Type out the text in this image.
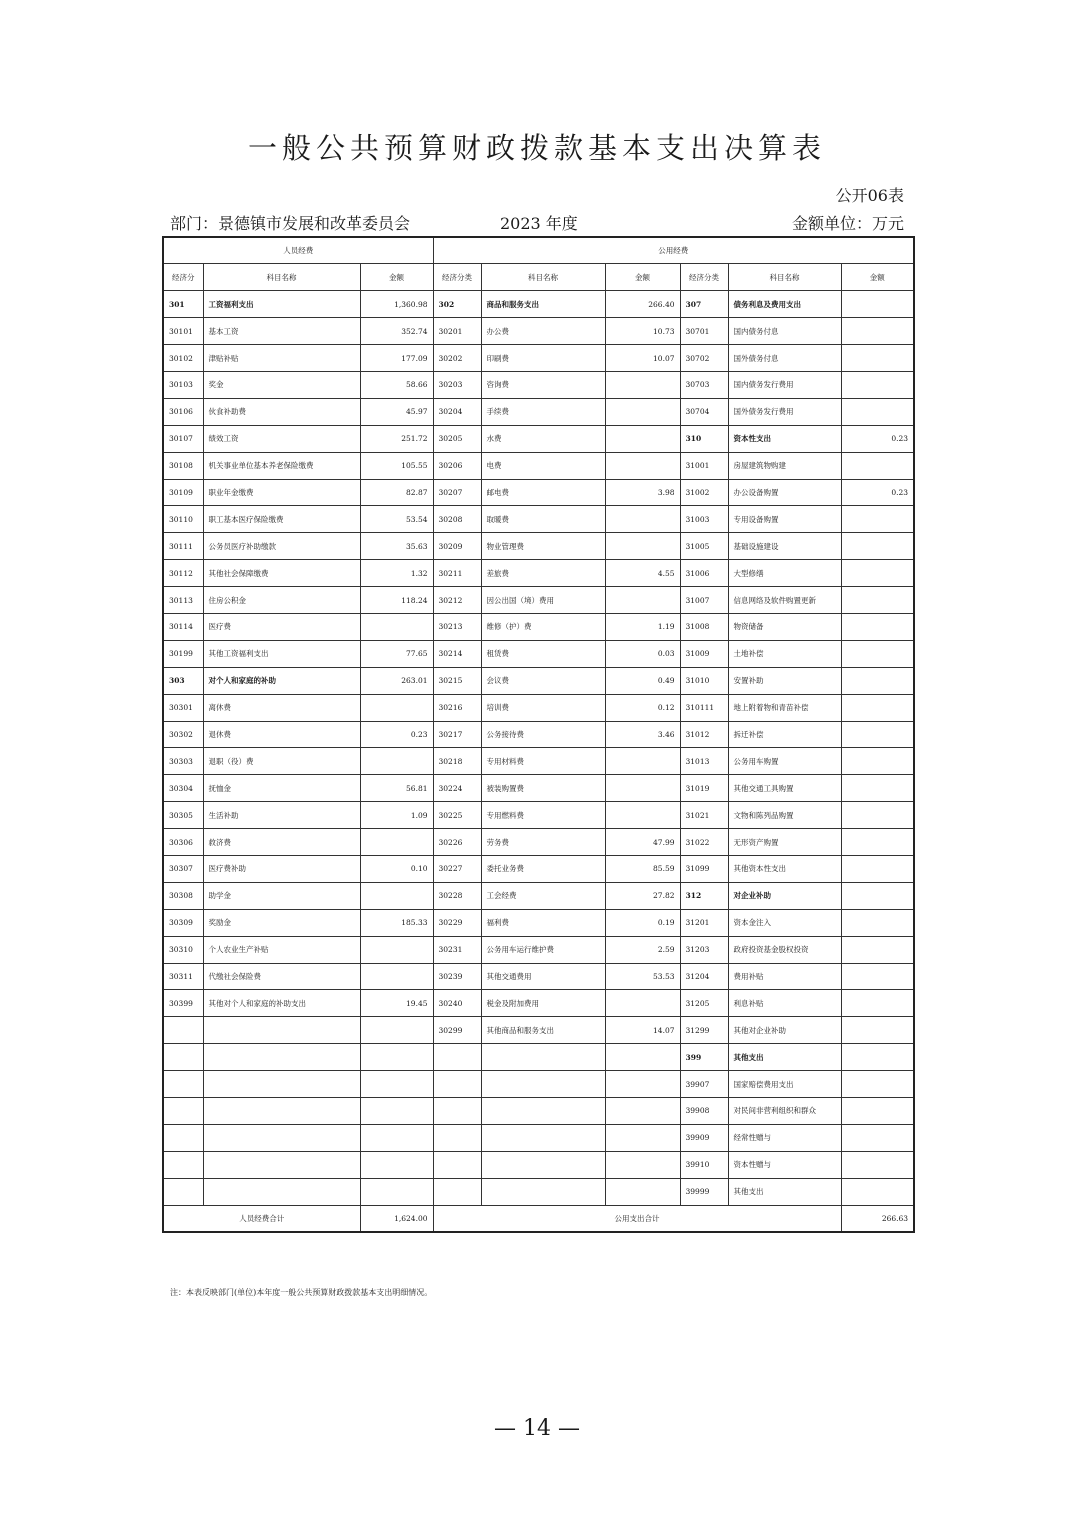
一般公共预算财政拨款基本支出决算表
公开06表
部门：景德镇市发展和改革委员会	2023 年度	金额单位：万元
人员经费			公用经费					
经济分	科目名称	金额	经济分类	科目名称	金额	经济分类	科目名称	金额
301	工资福利支出	1,360.98	302	商品和服务支出	266.40	307	债务利息及费用支出	
30101	基本工资	352.74	30201	办公费	10.73	30701	国内债务付息	
30102	津贴补贴	177.09	30202	印刷费	10.07	30702	国外债务付息	
30103	奖金	58.66	30203	咨询费		30703	国内债务发行费用	
30106	伙食补助费	45.97	30204	手续费		30704	国外债务发行费用	
30107	绩效工资	251.72	30205	水费		310	资本性支出	0.23
30108	机关事业单位基本养老保险缴费	105.55	30206	电费		31001	房屋建筑物购建	
30109	职业年金缴费	82.87	30207	邮电费	3.98	31002	办公设备购置	0.23
30110	职工基本医疗保险缴费	53.54	30208	取暖费		31003	专用设备购置	
30111	公务员医疗补助缴款	35.63	30209	物业管理费		31005	基础设施建设	
30112	其他社会保障缴费	1.32	30211	差旅费	4.55	31006	大型修缮	
30113	住房公积金	118.24	30212	因公出国（境）费用		31007	信息网络及软件购置更新	
30114	医疗费		30213	维修（护）费	1.19	31008	物资储备	
30199	其他工资福利支出	77.65	30214	租赁费	0.03	31009	土地补偿	
303	对个人和家庭的补助	263.01	30215	会议费	0.49	31010	安置补助	
30301	离休费		30216	培训费	0.12	310111	地上附着物和青苗补偿	
30302	退休费	0.23	30217	公务接待费	3.46	31012	拆迁补偿	
30303	退职（役）费		30218	专用材料费		31013	公务用车购置	
30304	抚恤金	56.81	30224	被装购置费		31019	其他交通工具购置	
30305	生活补助	1.09	30225	专用燃料费		31021	文物和陈列品购置	
30306	救济费		30226	劳务费	47.99	31022	无形资产购置	
30307	医疗费补助	0.10	30227	委托业务费	85.59	31099	其他资本性支出	
30308	助学金		30228	工会经费	27.82	312	对企业补助	
30309	奖励金	185.33	30229	福利费	0.19	31201	资本金注入	
30310	个人农业生产补贴		30231	公务用车运行维护费	2.59	31203	政府投资基金股权投资	
30311	代缴社会保险费		30239	其他交通费用	53.53	31204	费用补贴	
30399	其他对个人和家庭的补助支出	19.45	30240	税金及附加费用		31205	利息补贴	
			30299	其他商品和服务支出	14.07	31299	其他对企业补助	
						399	其他支出	
						39907	国家赔偿费用支出	
						39908	对民间非营利组织和群众	
						39909	经常性赠与	
						39910	资本性赠与	
						39999	其他支出	
人员经费合计		1,624.00	公用支出合计					266.63
注：本表反映部门(单位)本年度一般公共预算财政拨款基本支出明细情况。
— 14 —
